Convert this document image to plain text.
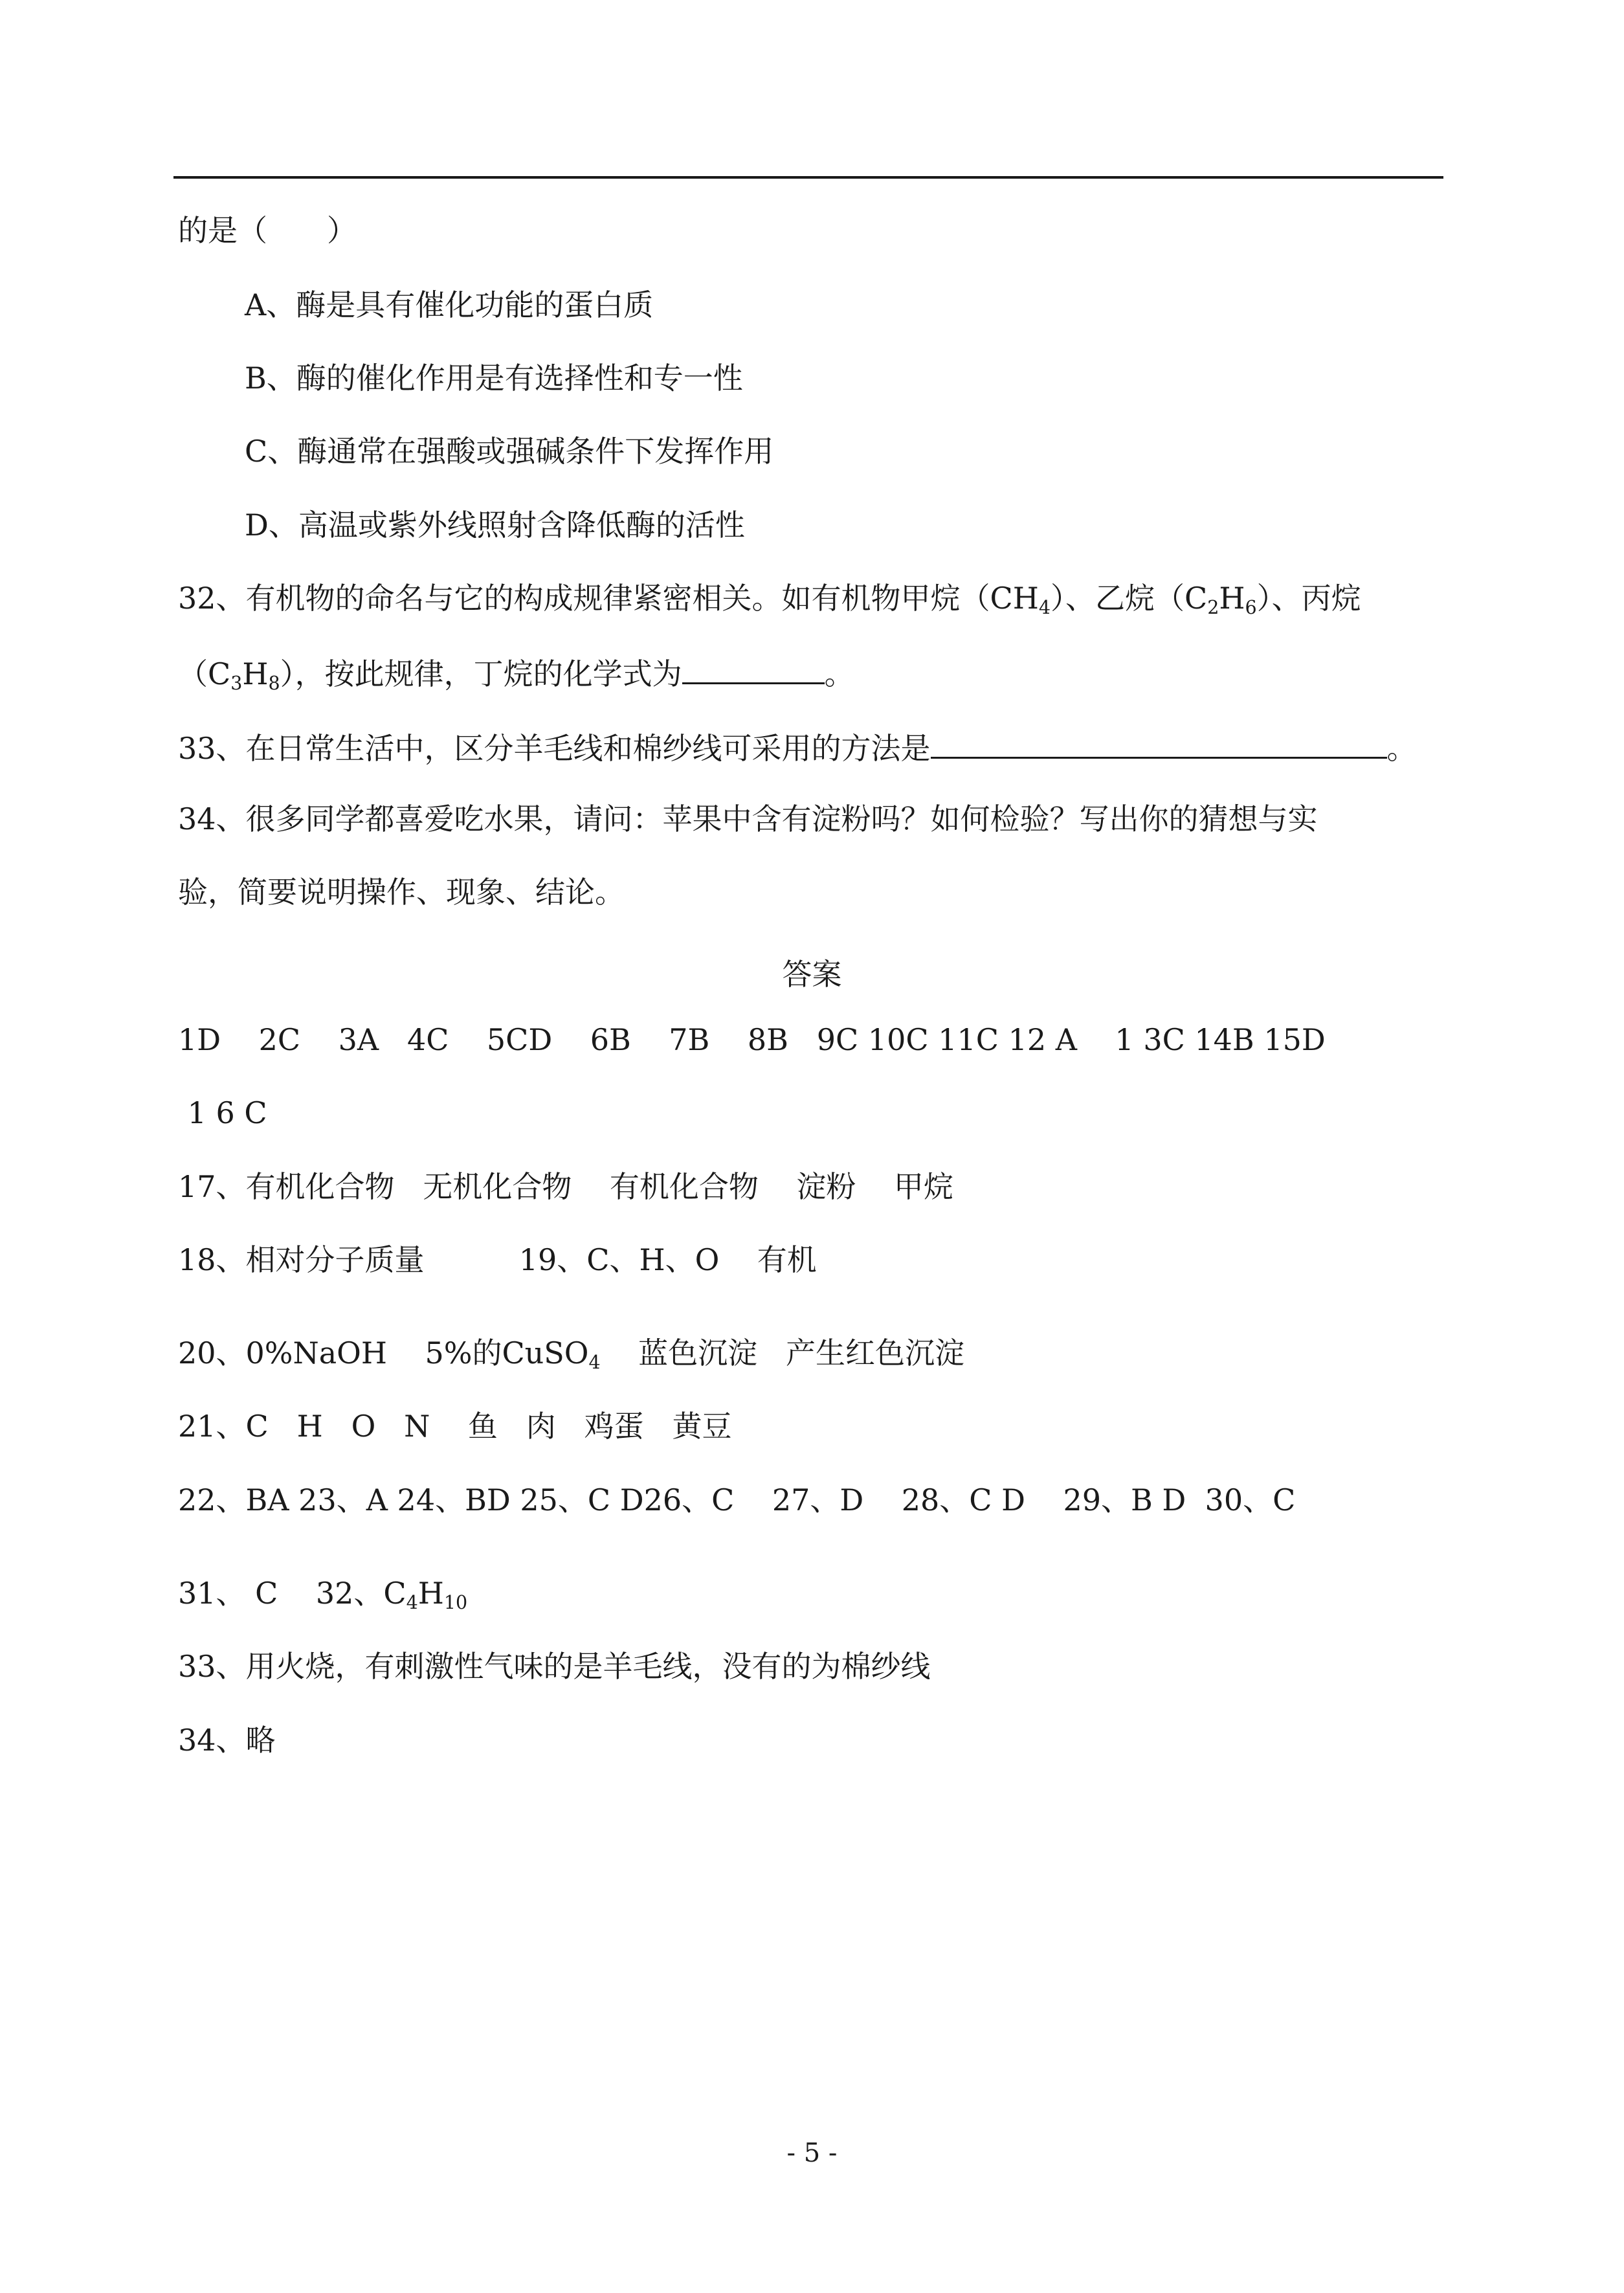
的是（　　）
A、酶是具有催化功能的蛋白质
B、酶的催化作用是有选择性和专一性
C、酶通常在强酸或强碱条件下发挥作用
D、高温或紫外线照射含降低酶的活性
32、有机物的命名与它的构成规律紧密相关。如有机物甲烷$(CH_4)$、乙烷$(C_2H_6)$、丙烷
$(C_3H_8)$，按此规律，丁烷的化学式为	。
33、在日常生活中，区分羊毛线和棉纱线可采用的方法是	。
34、很多同学都喜爱吃水果，请问：苹果中含有淀粉吗？如何检验？写出你的猜想与实
验，简要说明操作、现象、结论。
答案
1D    2C    3A   4C    5CD    6B    7B    8B   9C 10C 11C 12 A    1 3C 14B 15D
1 6 C
17、有机化合物   无机化合物    有机化合物    淀粉    甲烷
18、相对分子质量          19、C、H、O    有机
20、0%NaOH    5%的CuSO$_4$    蓝色沉淀   产生红色沉淀
21、C   H   O   N    鱼   肉   鸡蛋   黄豆
22、BA 23、A 24、BD 25、C D26、C    27、D    28、C D    29、B D  30、C
31、 C    32、$C_4H_{10}$
33、用火烧，有刺激性气味的是羊毛线，没有的为棉纱线
34、略
- 5 -
